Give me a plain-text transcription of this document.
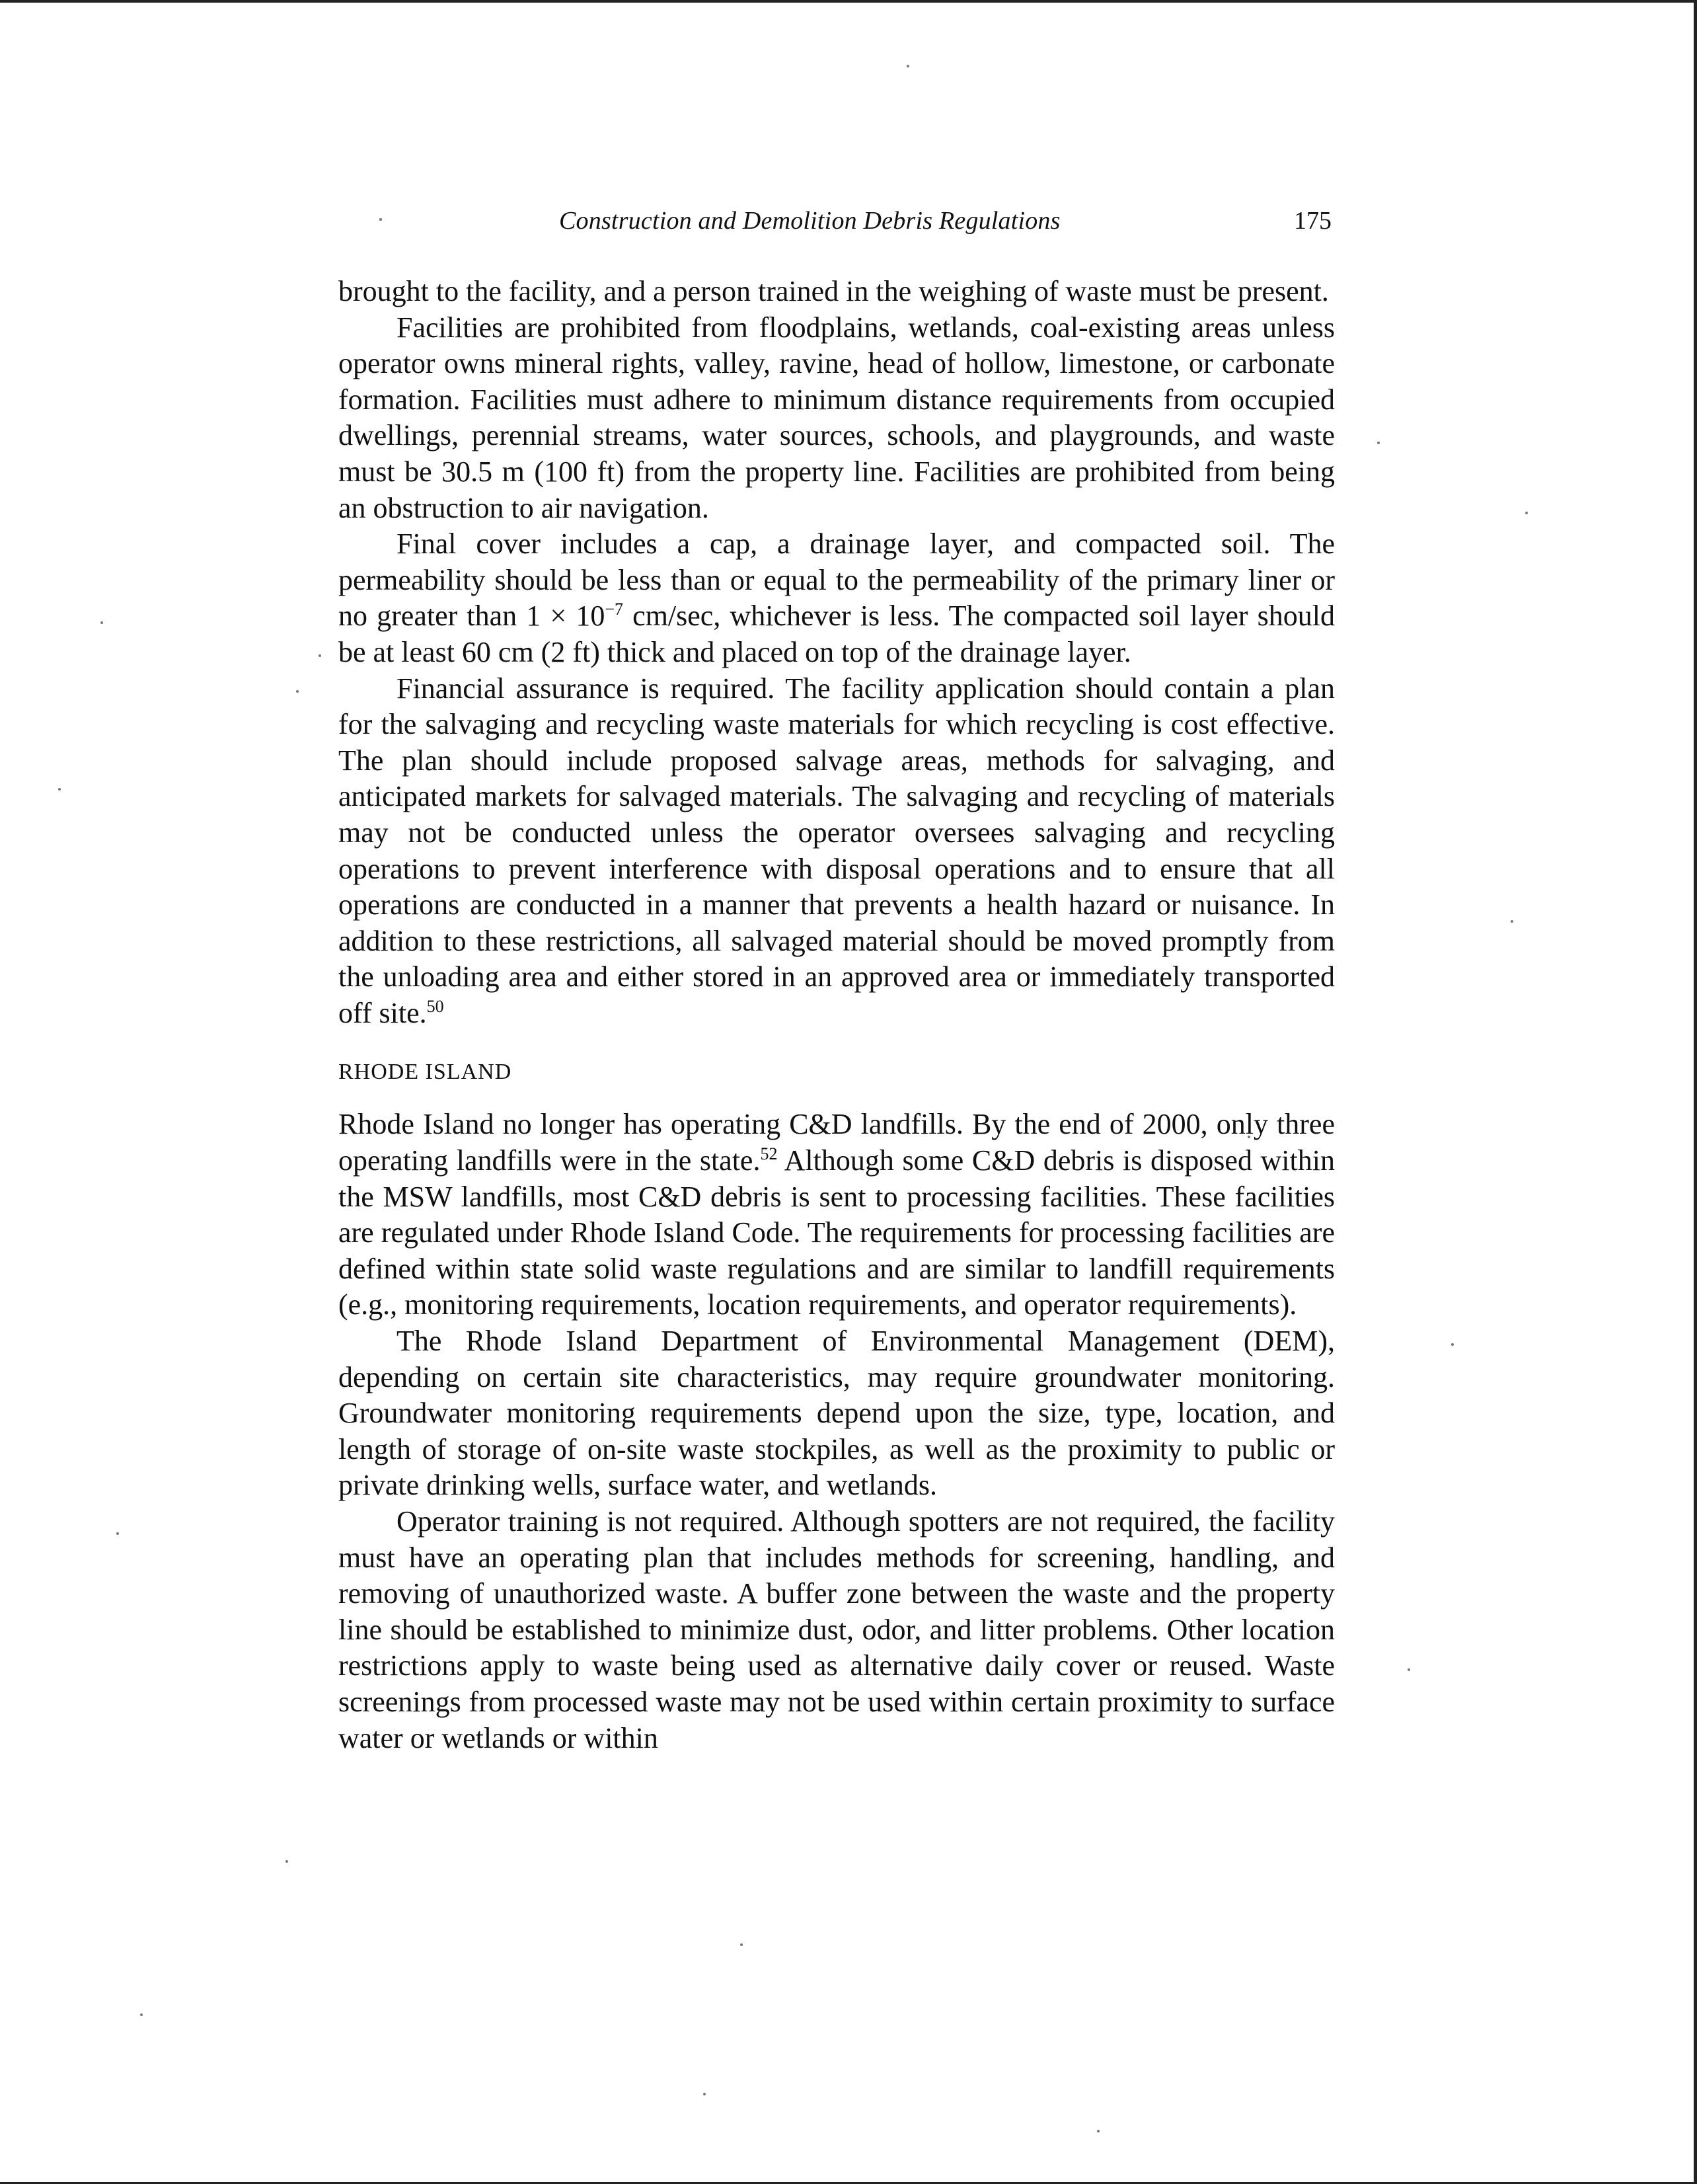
Construction and Demolition Debris Regulations	175

brought to the facility, and a person trained in the weighing of waste must be present.

Facilities are prohibited from floodplains, wetlands, coal-existing areas unless operator owns mineral rights, valley, ravine, head of hollow, limestone, or carbonate formation. Facilities must adhere to minimum distance requirements from occupied dwellings, perennial streams, water sources, schools, and playgrounds, and waste must be 30.5 m (100 ft) from the property line. Facilities are prohibited from being an obstruction to air navigation.

Final cover includes a cap, a drainage layer, and compacted soil. The permeability should be less than or equal to the permeability of the primary liner or no greater than $1 \times 10^{-7}$ cm/sec, whichever is less. The compacted soil layer should be at least 60 cm (2 ft) thick and placed on top of the drainage layer.

Financial assurance is required. The facility application should contain a plan for the salvaging and recycling waste materials for which recycling is cost effective. The plan should include proposed salvage areas, methods for salvaging, and anticipated markets for salvaged materials. The salvaging and recycling of materials may not be conducted unless the operator oversees salvaging and recycling operations to prevent interference with disposal operations and to ensure that all operations are conducted in a manner that prevents a health hazard or nuisance. In addition to these restrictions, all salvaged material should be moved promptly from the unloading area and either stored in an approved area or immediately transported off site.$^{50}$

RHODE ISLAND

Rhode Island no longer has operating C&D landfills. By the end of 2000, only three operating landfills were in the state.$^{52}$ Although some C&D debris is disposed within the MSW landfills, most C&D debris is sent to processing facilities. These facilities are regulated under Rhode Island Code. The requirements for processing facilities are defined within state solid waste regulations and are similar to landfill requirements (e.g., monitoring requirements, location requirements, and operator requirements).

The Rhode Island Department of Environmental Management (DEM), depending on certain site characteristics, may require groundwater monitoring. Groundwater monitoring requirements depend upon the size, type, location, and length of storage of on-site waste stockpiles, as well as the proximity to public or private drinking wells, surface water, and wetlands.

Operator training is not required. Although spotters are not required, the facility must have an operating plan that includes methods for screening, handling, and removing of unauthorized waste. A buffer zone between the waste and the property line should be established to minimize dust, odor, and litter problems. Other location restrictions apply to waste being used as alternative daily cover or reused. Waste screenings from processed waste may not be used within certain proximity to surface water or wetlands or within
